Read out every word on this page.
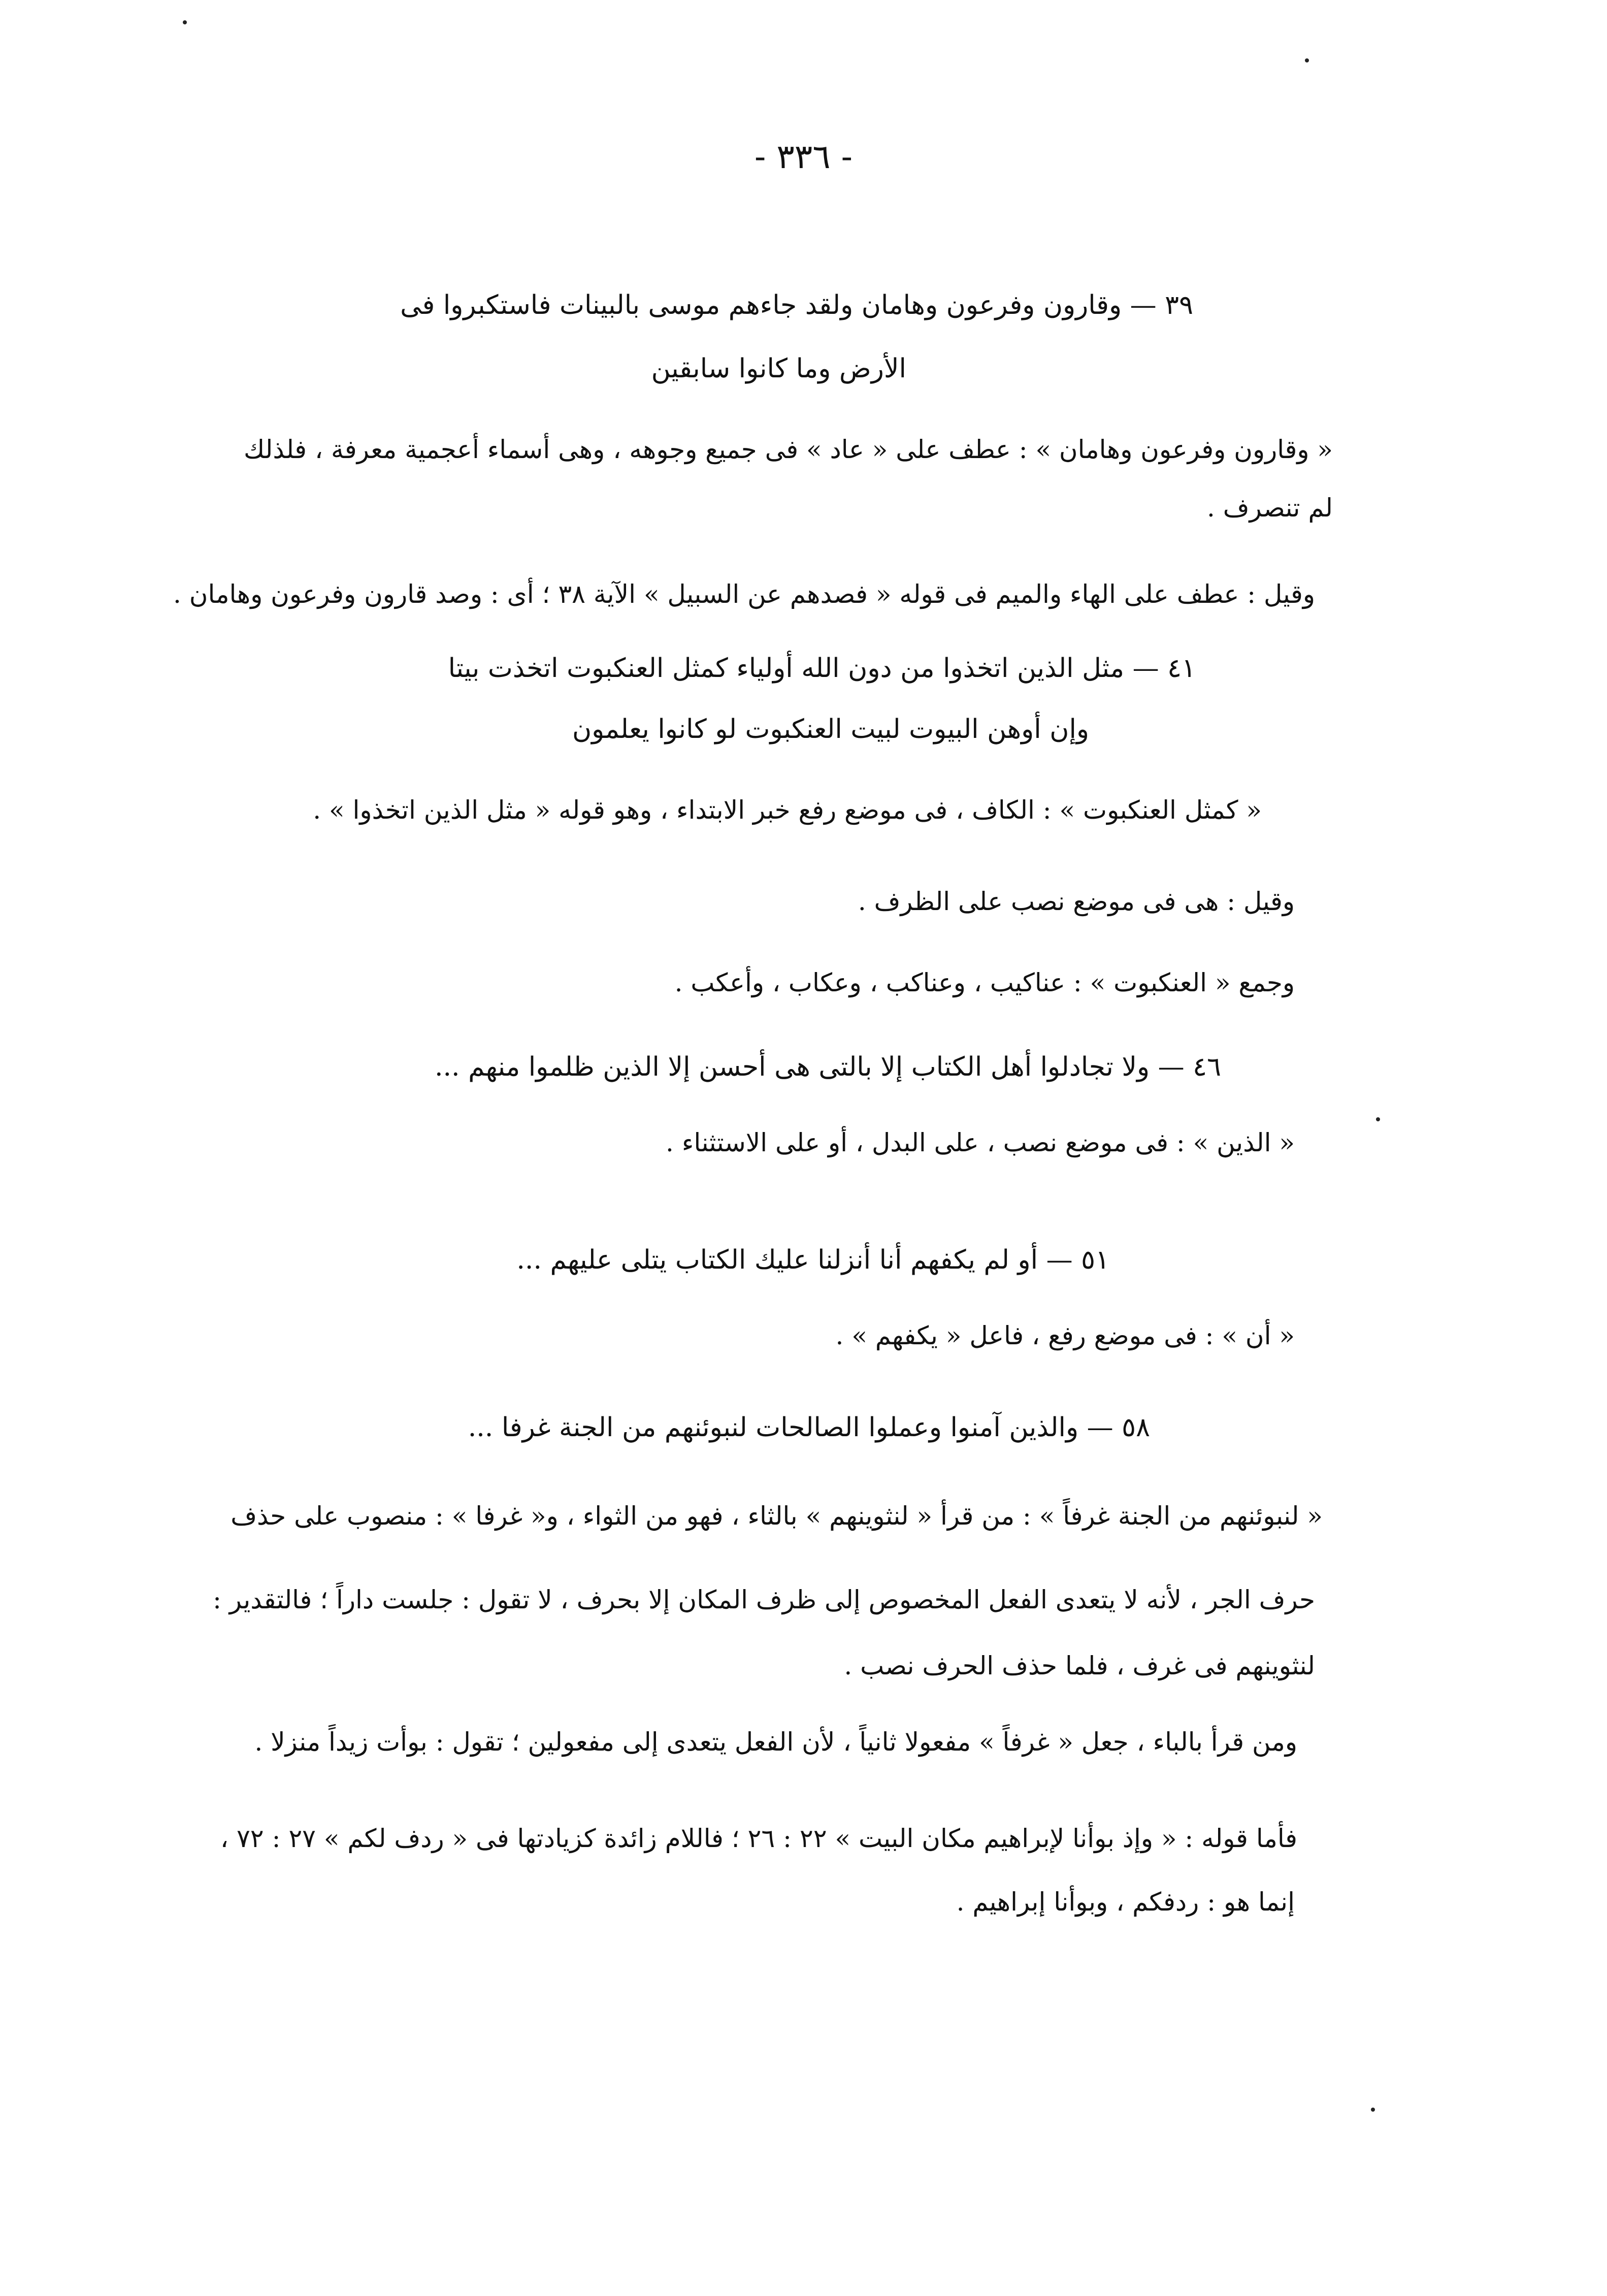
- ٣٣٦ -
٣٩ — وقارون وفرعون وهامان ولقد جاءهم موسى بالبينات فاستكبروا فى
الأرض وما كانوا سابقين
« وقارون وفرعون وهامان » : عطف على « عاد » فى جميع وجوهه ، وهى أسماء أعجمية معرفة ، فلذلك
لم تنصرف .
وقيل : عطف على الهاء والميم فى قوله « فصدهم عن السبيل » الآية ٣٨ ؛ أى : وصد قارون وفرعون وهامان .
٤١ — مثل الذين اتخذوا من دون الله أولياء كمثل العنكبوت اتخذت بيتا
وإن أوهن البيوت لبيت العنكبوت لو كانوا يعلمون
« كمثل العنكبوت » : الكاف ، فى موضع رفع خبر الابتداء ، وهو قوله « مثل الذين اتخذوا » .
وقيل : هى فى موضع نصب على الظرف .
وجمع « العنكبوت » : عناكيب ، وعناكب ، وعكاب ، وأعكب .
٤٦ — ولا تجادلوا أهل الكتاب إلا بالتى هى أحسن إلا الذين ظلموا منهم ...
« الذين » : فى موضع نصب ، على البدل ، أو على الاستثناء .
٥١ — أو لم يكفهم أنا أنزلنا عليك الكتاب يتلى عليهم ...
« أن » : فى موضع رفع ، فاعل « يكفهم » .
٥٨ — والذين آمنوا وعملوا الصالحات لنبوئنهم من الجنة غرفا ...
« لنبوئنهم من الجنة غرفاً » : من قرأ « لنثوينهم » بالثاء ، فهو من الثواء ، و« غرفا » : منصوب على حذف
حرف الجر ، لأنه لا يتعدى الفعل المخصوص إلى ظرف المكان إلا بحرف ، لا تقول : جلست داراً ؛ فالتقدير :
لنثوينهم فى غرف ، فلما حذف الحرف نصب .
ومن قرأ بالباء ، جعل « غرفاً » مفعولا ثانياً ، لأن الفعل يتعدى إلى مفعولين ؛ تقول : بوأت زيداً منزلا .
فأما قوله : « وإذ بوأنا لإبراهيم مكان البيت » ٢٢ : ٢٦ ؛ فاللام زائدة كزيادتها فى « ردف لكم » ٢٧ : ٧٢ ،
إنما هو : ردفكم ، وبوأنا إبراهيم .
